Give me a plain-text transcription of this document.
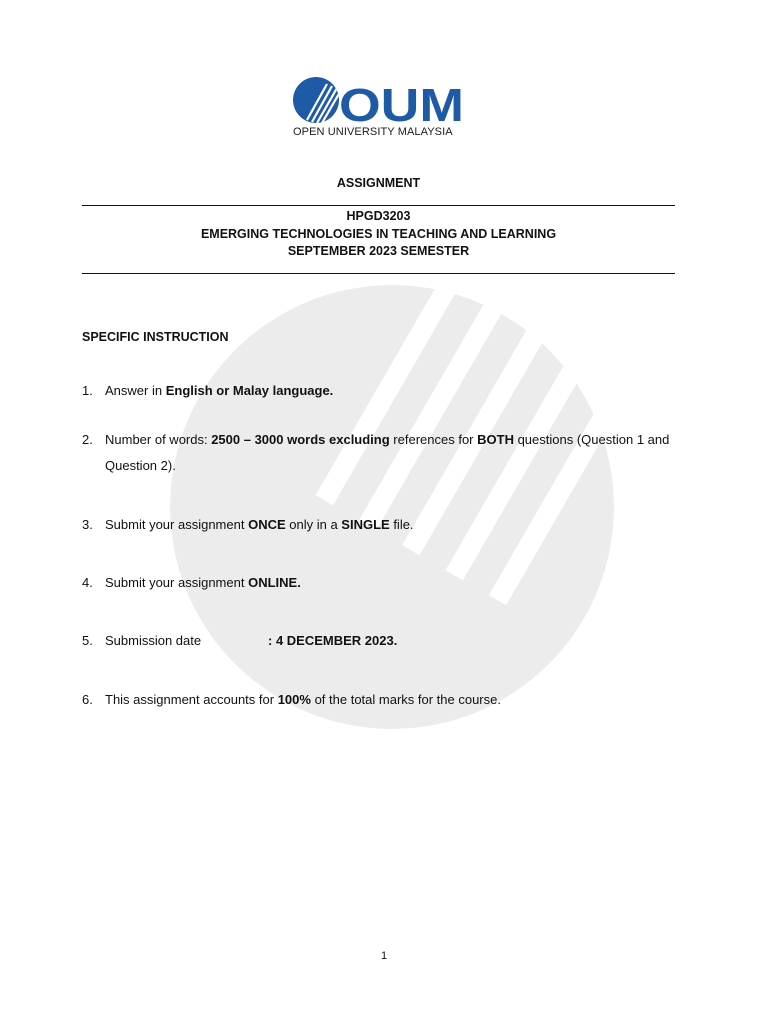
OUM
OPEN UNIVERSITY MALAYSIA
ASSIGNMENT
HPGD3203
EMERGING TECHNOLOGIES IN TEACHING AND LEARNING
SEPTEMBER 2023 SEMESTER
SPECIFIC INSTRUCTION
1. Answer in English or Malay language.
2. Number of words: 2500 – 3000 words excluding references for BOTH questions (Question 1 and Question 2).
3. Submit your assignment ONCE only in a SINGLE file.
4. Submit your assignment ONLINE.
5. Submission date	: 4 DECEMBER 2023.
6. This assignment accounts for 100% of the total marks for the course.
1
